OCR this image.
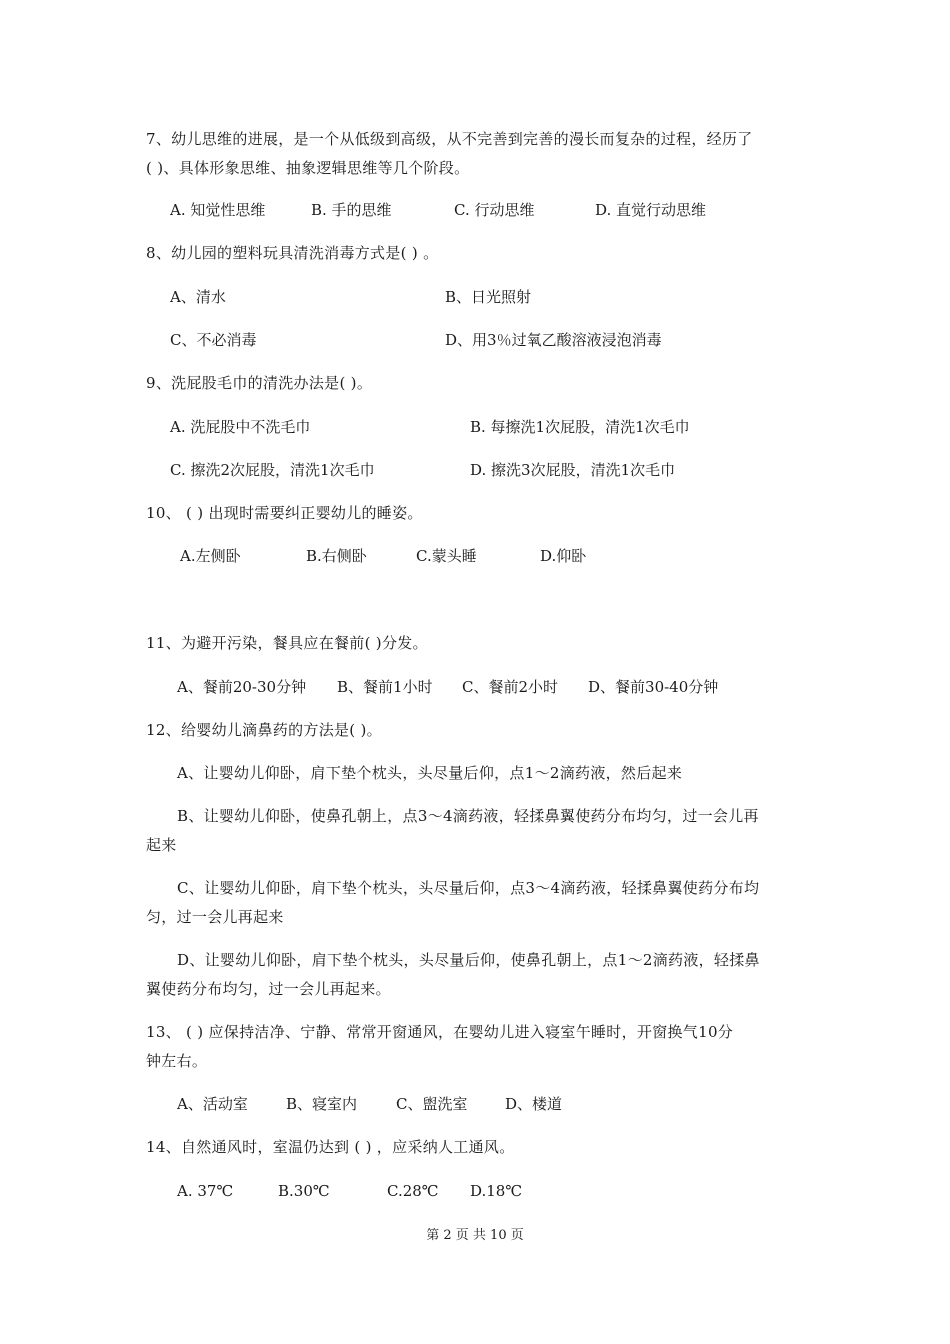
7、幼儿思维的进展，是一个从低级到高级，从不完善到完善的漫长而复杂的过程，经历了
( )、具体形象思维、抽象逻辑思维等几个阶段。
A. 知觉性思维	B. 手的思维	C. 行动思维	D. 直觉行动思维
8、幼儿园的塑料玩具清洗消毒方式是( ) 。
A、清水	B、日光照射
C、不必消毒	D、用3％过氧乙酸溶液浸泡消毒
9、洗屁股毛巾的清洗办法是( )。
A. 洗屁股中不洗毛巾	B. 每擦洗1次屁股，清洗1次毛巾
C. 擦洗2次屁股，清洗1次毛巾	D. 擦洗3次屁股，清洗1次毛巾
10、 ( ) 出现时需要纠正婴幼儿的睡姿。
A.左侧卧	B.右侧卧	C.蒙头睡	D.仰卧
11、为避开污染，餐具应在餐前( )分发。
A、餐前20-30分钟 B、餐前1小时 C、餐前2小时 D、餐前30-40分钟
12、给婴幼儿滴鼻药的方法是( )。
A、让婴幼儿仰卧，肩下垫个枕头，头尽量后仰，点1～2滴药液，然后起来
B、让婴幼儿仰卧，使鼻孔朝上，点3～4滴药液，轻揉鼻翼使药分布均匀，过一会儿再
起来
C、让婴幼儿仰卧，肩下垫个枕头，头尽量后仰，点3～4滴药液，轻揉鼻翼使药分布均
匀，过一会儿再起来
D、让婴幼儿仰卧，肩下垫个枕头，头尽量后仰，使鼻孔朝上，点1～2滴药液，轻揉鼻
翼使药分布均匀，过一会儿再起来。
13、 ( ) 应保持洁净、宁静、常常开窗通风，在婴幼儿进入寝室午睡时，开窗换气10分
钟左右。
A、活动室	B、寝室内	C、盥洗室	D、楼道
14、自然通风时，室温仍达到 ( ) ，应采纳人工通风。
A. 37℃	B.30℃	C.28℃ D.18℃
第 2 页 共 10 页
